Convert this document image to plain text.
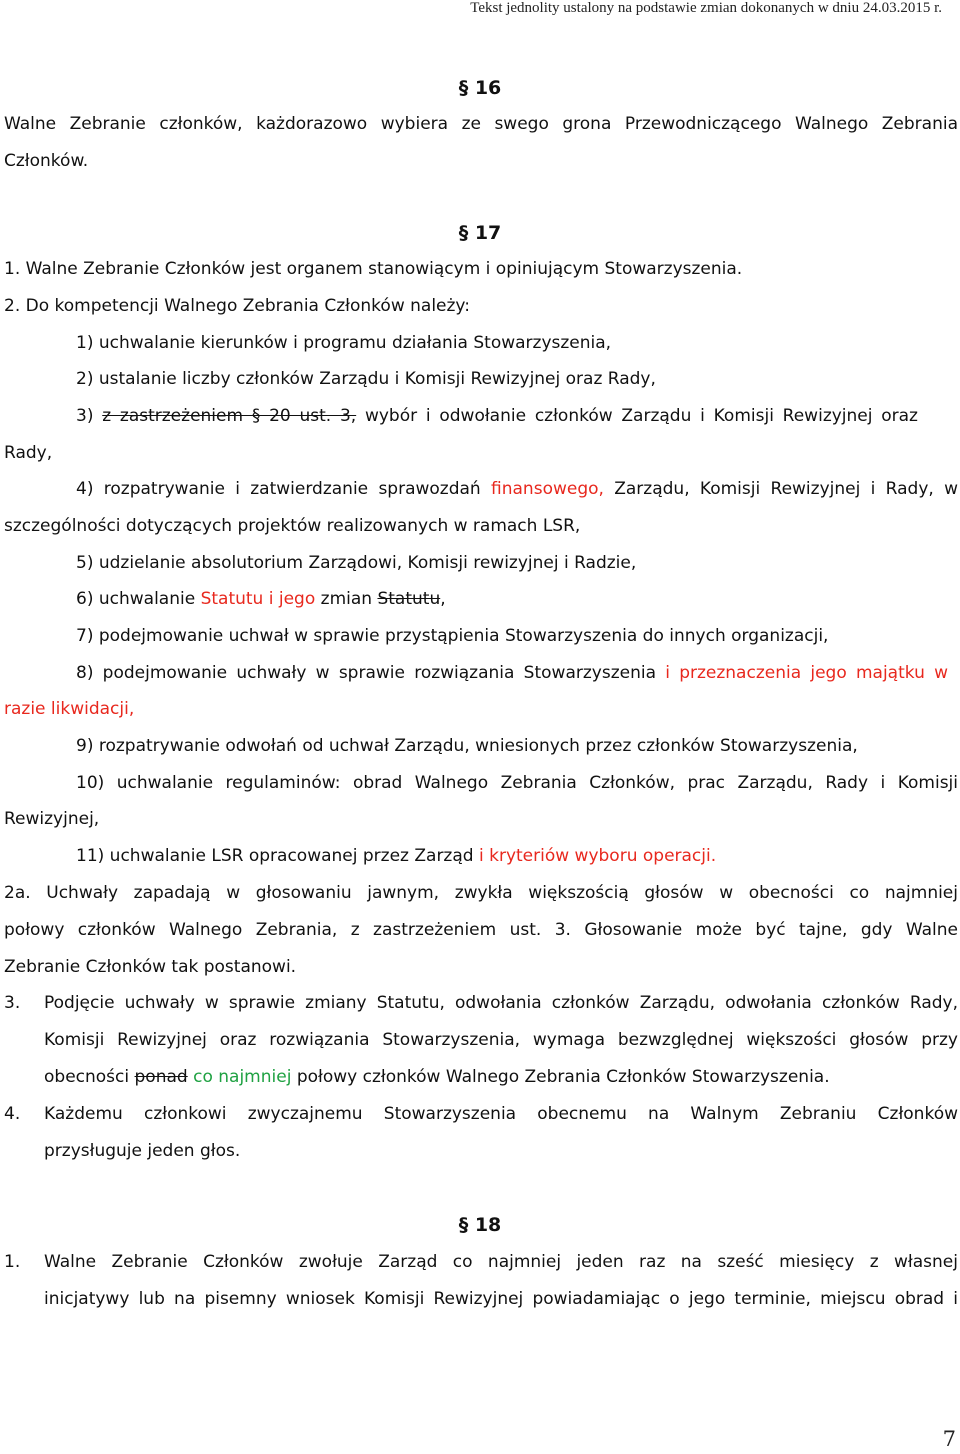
Tekst jednolity ustalony na podstawie zmian dokonanych w dniu 24.03.2015 r.
§ 16
Walne Zebranie członków, każdorazowo wybiera ze swego grona Przewodniczącego Walnego Zebrania
Członków.
§ 17
1. Walne Zebranie Członków jest organem stanowiącym i opiniującym Stowarzyszenia.
2. Do kompetencji Walnego Zebrania Członków należy:
1) uchwalanie kierunków i programu działania Stowarzyszenia,
2) ustalanie liczby członków Zarządu i Komisji Rewizyjnej oraz Rady,
3) z zastrzeżeniem § 20 ust. 3, wybór i odwołanie członków Zarządu i Komisji Rewizyjnej oraz
Rady,
4) rozpatrywanie i zatwierdzanie sprawozdań finansowego, Zarządu, Komisji Rewizyjnej i Rady, w
szczególności dotyczących projektów realizowanych w ramach LSR,
5) udzielanie absolutorium Zarządowi, Komisji rewizyjnej i Radzie,
6) uchwalanie Statutu i jego zmian Statutu,
7) podejmowanie uchwał w sprawie przystąpienia Stowarzyszenia do innych organizacji,
8) podejmowanie uchwały w sprawie rozwiązania Stowarzyszenia i przeznaczenia jego majątku w
razie likwidacji,
9) rozpatrywanie odwołań od uchwał Zarządu, wniesionych przez członków Stowarzyszenia,
10) uchwalanie regulaminów: obrad Walnego Zebrania Członków, prac Zarządu, Rady i Komisji
Rewizyjnej,
11) uchwalanie LSR opracowanej przez Zarząd i kryteriów wyboru operacji.
2a. Uchwały zapadają w głosowaniu jawnym, zwykła większością głosów w obecności co najmniej
połowy członków Walnego Zebrania, z zastrzeżeniem ust. 3. Głosowanie może być tajne, gdy Walne
Zebranie Członków tak postanowi.
3.	Podjęcie uchwały w sprawie zmiany Statutu, odwołania członków Zarządu, odwołania członków Rady,
Komisji Rewizyjnej oraz rozwiązania Stowarzyszenia, wymaga bezwzględnej większości głosów przy
obecności ponad co najmniej połowy członków Walnego Zebrania Członków Stowarzyszenia.
4.	Każdemu członkowi zwyczajnemu Stowarzyszenia obecnemu na Walnym Zebraniu Członków
przysługuje jeden głos.
§ 18
1.	Walne Zebranie Członków zwołuje Zarząd co najmniej jeden raz na sześć miesięcy z własnej
inicjatywy lub na pisemny wniosek Komisji Rewizyjnej powiadamiając o jego terminie, miejscu obrad i
7
